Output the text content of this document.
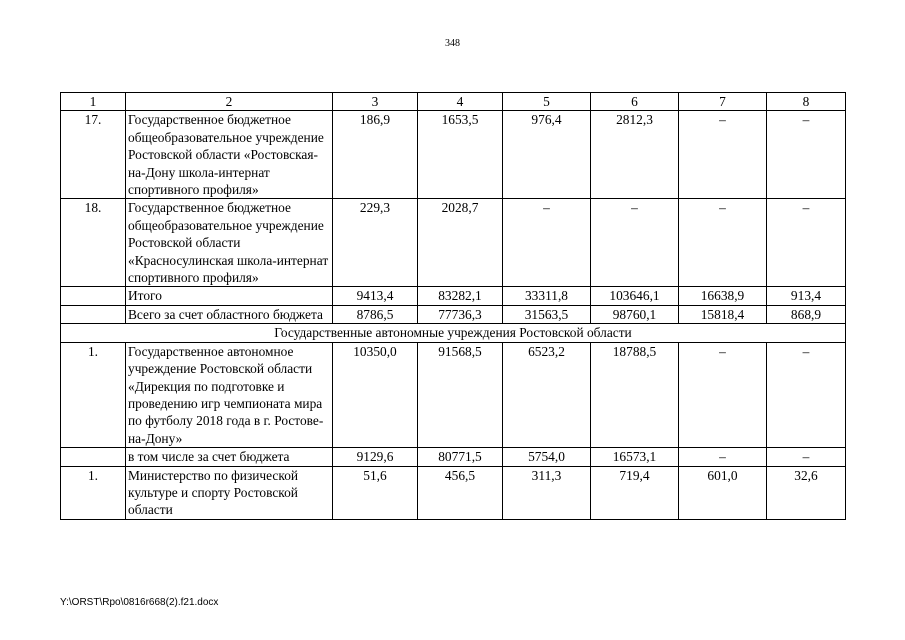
348
1	2	3	4	5	6	7	8
17.	Государственное бюджетное общеобразовательное учреждение Ростовской области «Ростовская-на-Дону школа-интернат спортивного профиля»	186,9	1653,5	976,4	2812,3	–	–
18.	Государственное бюджетное общеобразовательное учреждение Ростовской области «Красносулинская школа-интернат спортивного профиля»	229,3	2028,7	–	–	–	–
	Итого	9413,4	83282,1	33311,8	103646,1	16638,9	913,4
	Всего за счет областного бюджета	8786,5	77736,3	31563,5	98760,1	15818,4	868,9
Государственные автономные учреждения Ростовской области							
1.	Государственное автономное учреждение Ростовской области «Дирекция по подготовке и проведению игр чемпионата мира по футболу 2018 года в г. Ростове-на-Дону»	10350,0	91568,5	6523,2	18788,5	–	–
	в том числе за счет бюджета	9129,6	80771,5	5754,0	16573,1	–	–
1.	Министерство по физической культуре и спорту Ростовской области	51,6	456,5	311,3	719,4	601,0	32,6
Y:\ORST\Rpo\0816r668(2).f21.docx
